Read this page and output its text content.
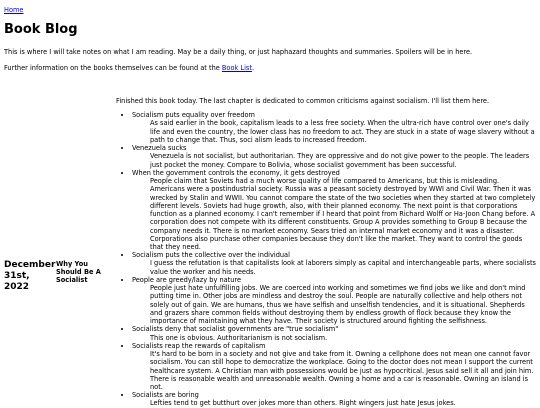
Home
Book Blog

This is where I will take notes on what I am reading. May be a daily thing, or just haphazard thoughts and summaries. Spoilers will be in here.

Further information on the books themselves can be found at the Book List.

December 31st, 2022
Why You Should Be A Socialist

Finished this book today. The last chapter is dedicated to common criticisms against socialism. I'll list them here.

• Socialism puts equality over freedom
As said earlier in the book, capitalism leads to a less free society. When the ultra-rich have control over one's daily life and even the country, the lower class has no freedom to act. They are stuck in a state of wage slavery without a path to change that. Thus, soci alism leads to increased freedom.
• Venezuela sucks
Venezuela is not socialist, but authoritarian. They are oppressive and do not give power to the people. The leaders just pocket the money. Compare to Bolivia, whose socialist government has been successful.
• When the government controls the economy, it gets destroyed
People claim that Soviets had a much worse quality of life compared to Americans, but this is misleading. Americans were a postindustrial society. Russia was a peasant society destroyed by WWI and Civil War. Then it was wrecked by Stalin and WWII. You cannot compare the state of the two societies when they started at two completely different levels. Soviets had huge growth, also, with their planned economy. The next point is that corporations function as a planned economy. I can't remember if I heard that point from Richard Wolff or Ha-Joon Chang before. A corporation does not compete with its different constituents. Group A provides something to Group B because the company needs it. There is no market economy. Sears tried an internal market economy and it was a disaster. Corporations also purchase other companies because they don't like the market. They want to control the goods that they need.
• Socialism puts the collective over the individual
I guess the refutation is that capitalists look at laborers simply as capital and interchangeable parts, where socialists value the worker and his needs.
• People are greedy/lazy by nature
People just hate unfulfilling jobs. We are coerced into working and sometimes we find jobs we like and don't mind putting time in. Other jobs are mindless and destroy the soul. People are naturally collective and help others not solely out of gain. We are humans, thus we have selfish and unselfish tendencies, and it is situational. Shepherds and grazers share common fields without destroying them by endless growth of flock because they know the importance of maintaining what they have. Their society is structured around fighting the selfishness.
• Socialists deny that socialist governments are "true socialism"
This one is obvious. Authoritarianism is not socialism.
• Socialists reap the rewards of capitalism
It's hard to be born in a society and not give and take from it. Owning a cellphone does not mean one cannot favor socialism. You can still hope to democratize the workplace. Going to the doctor does not mean I support the current healthcare system. A Christian man with possessions would be just as hypocritical. Jesus said sell it all and join him. There is reasonable wealth and unreasonable wealth. Owning a home and a car is reasonable. Owning an island is not.
• Socialists are boring
Lefties tend to get butthurt over jokes more than others. Right wingers just hate Jesus jokes.
